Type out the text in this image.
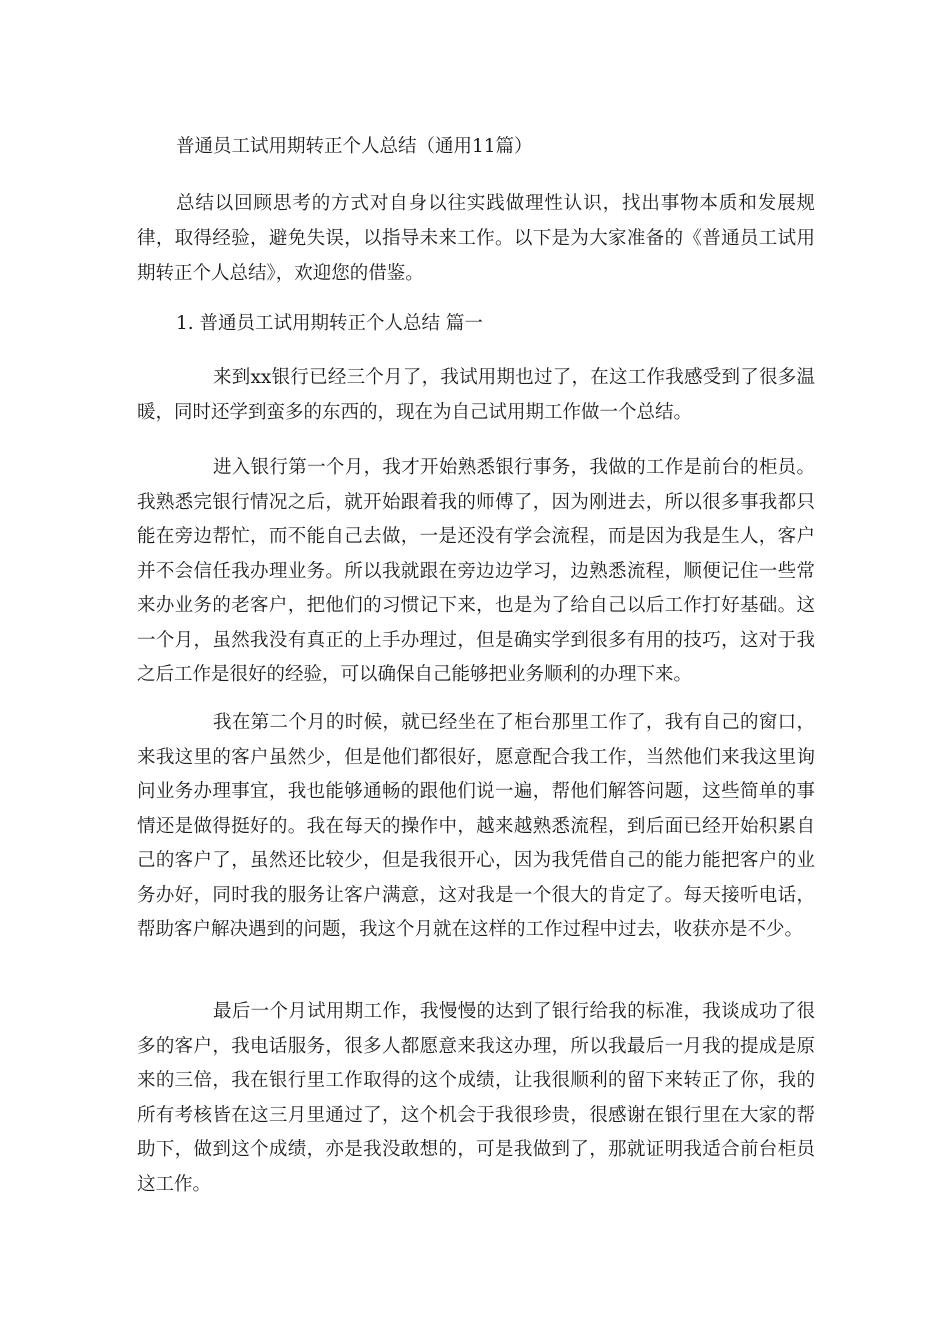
普通员工试用期转正个人总结（通用11篇）
总结以回顾思考的方式对自身以往实践做理性认识，找出事物本质和发展规律，取得经验，避免失误，以指导未来工作。以下是为大家准备的《普通员工试用期转正个人总结》，欢迎您的借鉴。
1. 普通员工试用期转正个人总结 篇一
来到xx银行已经三个月了，我试用期也过了，在这工作我感受到了很多温暖，同时还学到蛮多的东西的，现在为自己试用期工作做一个总结。
进入银行第一个月，我才开始熟悉银行事务，我做的工作是前台的柜员。我熟悉完银行情况之后，就开始跟着我的师傅了，因为刚进去，所以很多事我都只能在旁边帮忙，而不能自己去做，一是还没有学会流程，而是因为我是生人，客户并不会信任我办理业务。所以我就跟在旁边边学习，边熟悉流程，顺便记住一些常来办业务的老客户，把他们的习惯记下来，也是为了给自己以后工作打好基础。这一个月，虽然我没有真正的上手办理过，但是确实学到很多有用的技巧，这对于我之后工作是很好的经验，可以确保自己能够把业务顺利的办理下来。
我在第二个月的时候，就已经坐在了柜台那里工作了，我有自己的窗口，来我这里的客户虽然少，但是他们都很好，愿意配合我工作，当然他们来我这里询问业务办理事宜，我也能够通畅的跟他们说一遍，帮他们解答问题，这些简单的事情还是做得挺好的。我在每天的操作中，越来越熟悉流程，到后面已经开始积累自己的客户了，虽然还比较少，但是我很开心，因为我凭借自己的能力能把客户的业务办好，同时我的服务让客户满意，这对我是一个很大的肯定了。每天接听电话，帮助客户解决遇到的问题，我这个月就在这样的工作过程中过去，收获亦是不少。
最后一个月试用期工作，我慢慢的达到了银行给我的标准，我谈成功了很多的客户，我电话服务，很多人都愿意来我这办理，所以我最后一月我的提成是原来的三倍，我在银行里工作取得的这个成绩，让我很顺利的留下来转正了你，我的所有考核皆在这三月里通过了，这个机会于我很珍贵，很感谢在银行里在大家的帮助下，做到这个成绩，亦是我没敢想的，可是我做到了，那就证明我适合前台柜员这工作。
